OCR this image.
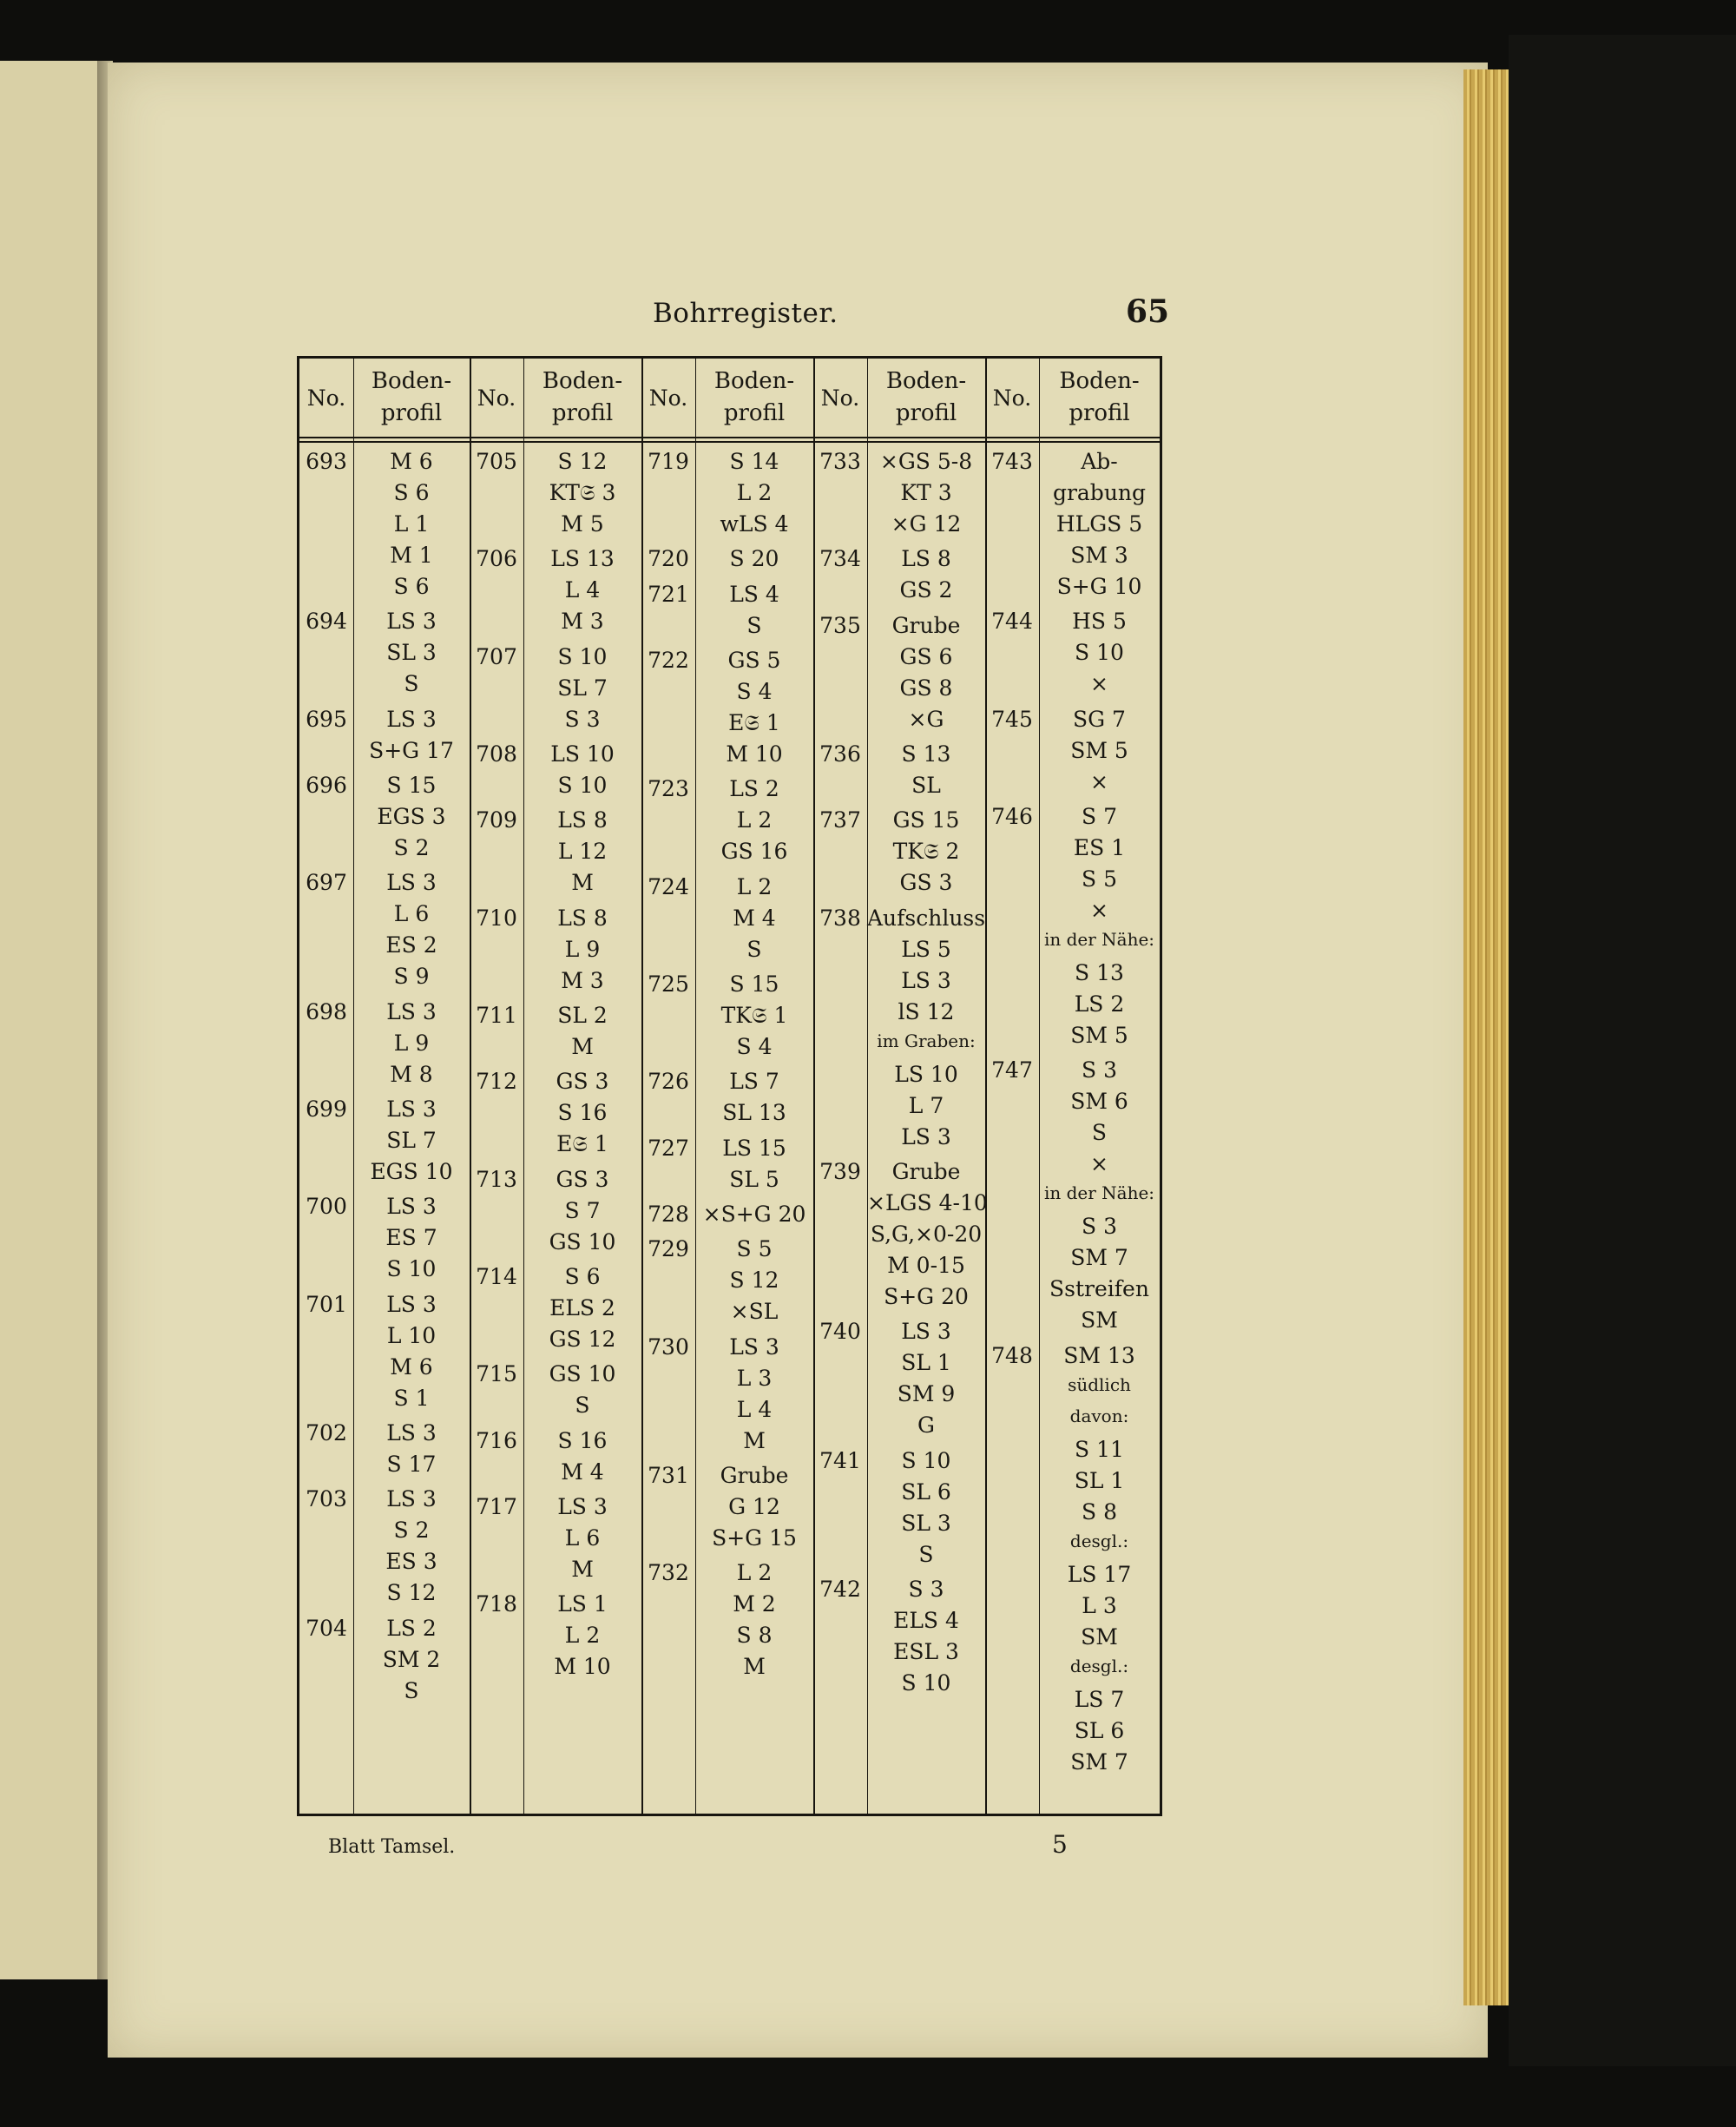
Bohrregister.	65
No.
Boden- profil
693	M 6
S 6
L 1
M 1
S 6
694	LS 3
SL 3
S
695	LS 3
S+G 17
696	S 15
EGS 3
S 2
697	LS 3
L 6
ES 2
S 9
698	LS 3
L 9
M 8
699	LS 3
SL 7
EGS 10
700	LS 3
ES 7
S 10
701	LS 3
L 10
M 6
S 1
702	LS 3
S 17
703	LS 3
S 2
ES 3
S 12
704	LS 2
SM 2
S
No.
Boden- profil
705	S 12
KT𝔖 3
M 5
706	LS 13
L 4
M 3
707	S 10
SL 7
S 3
708	LS 10
S 10
709	LS 8
L 12
M
710	LS 8
L 9
M 3
711	SL 2
M
712	GS 3
S 16
E𝔖 1
713	GS 3
S 7
GS 10
714	S 6
ELS 2
GS 12
715	GS 10
S
716	S 16
M 4
717	LS 3
L 6
M
718	LS 1
L 2
M 10
No.
Boden- profil
719	S 14
L 2
wLS 4
720	S 20
721	LS 4
S
722	GS 5
S 4
E𝔖 1
M 10
723	LS 2
L 2
GS 16
724	L 2
M 4
S
725	S 15
TK𝔖 1
S 4
726	LS 7
SL 13
727	LS 15
SL 5
728 ×S+G 20
729	S 5
S 12
×SL
730	LS 3
L 3
L 4
M
731	Grube
G 12
S+G 15
732	L 2
M 2
S 8
M
No.
Boden- profil
733 ×GS 5-8
KT 3
×G 12
734	LS 8
GS 2
735	Grube
GS 6
GS 8
×G
736	S 13
SL
737	GS 15
TK𝔖 2
GS 3
738 Aufschluss
LS 5
LS 3
lS 12
im Graben:
LS 10
L 7
LS 3
739	Grube
×LGS 4-10
S,G,×0-20
M 0-15
S+G 20
740	LS 3
SL 1
SM 9
G
741	S 10
SL 6
SL 3
S
742	S 3
ELS 4
ESL 3
S 10
No.
Boden- profil
743	Ab-
grabung
HLGS 5
SM 3
S+G 10
744	HS 5
S 10
×
745	SG 7
SM 5
×
746	S 7
ES 1
S 5
×
in der Nähe:
S 13
LS 2
SM 5
747	S 3
SM 6
S
×
in der Nähe:
S 3
SM 7
Sstreifen
SM
748	SM 13
südlich
davon:
S 11
SL 1
S 8
desgl.:
LS 17
L 3
SM
desgl.:
LS 7
SL 6
SM 7
Blatt Tamsel.	5
